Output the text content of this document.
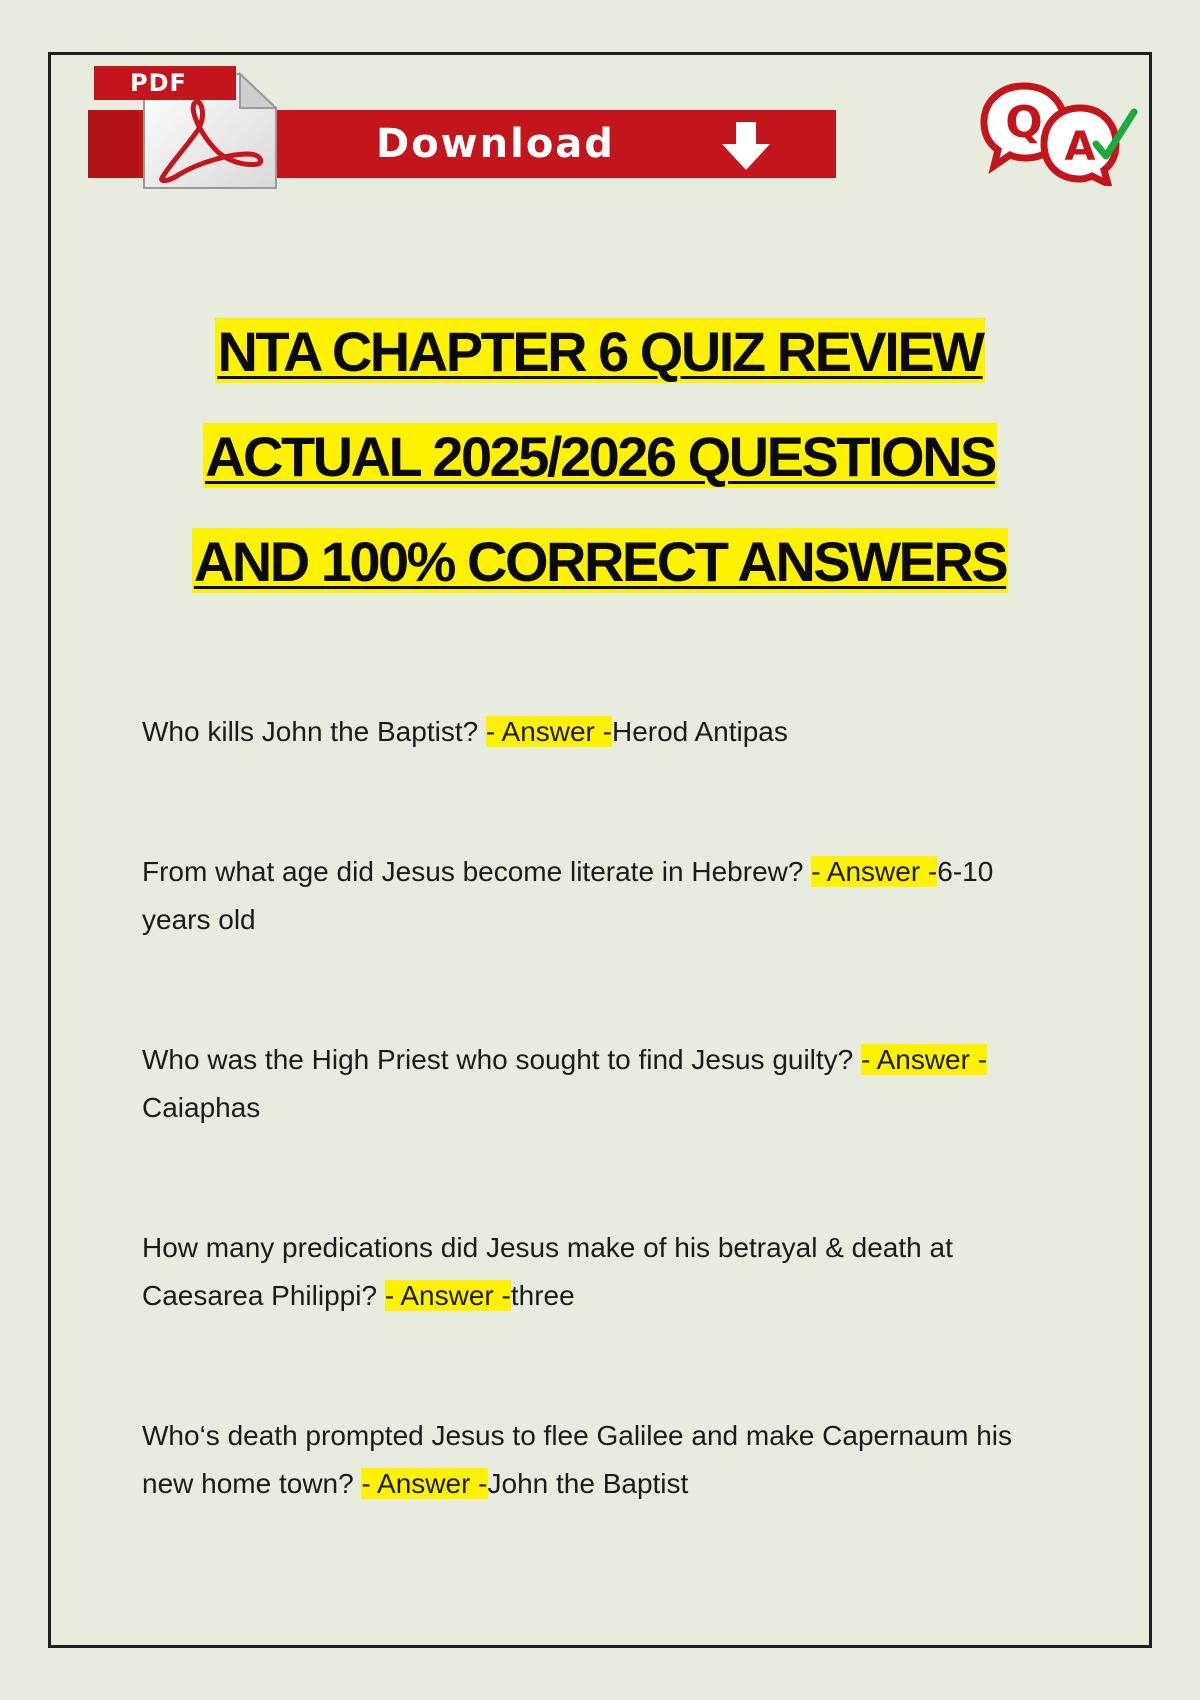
PDF
Download	Q A
NTA CHAPTER 6 QUIZ REVIEW
ACTUAL 2025/2026 QUESTIONS
AND 100% CORRECT ANSWERS

Who kills John the Baptist? - Answer -Herod Antipas

From what age did Jesus become literate in Hebrew? - Answer -6-10 years old

Who was the High Priest who sought to find Jesus guilty? - Answer -Caiaphas

How many predications did Jesus make of his betrayal & death at Caesarea Philippi? - Answer -three

Who‘s death prompted Jesus to flee Galilee and make Capernaum his new home town? - Answer -John the Baptist
